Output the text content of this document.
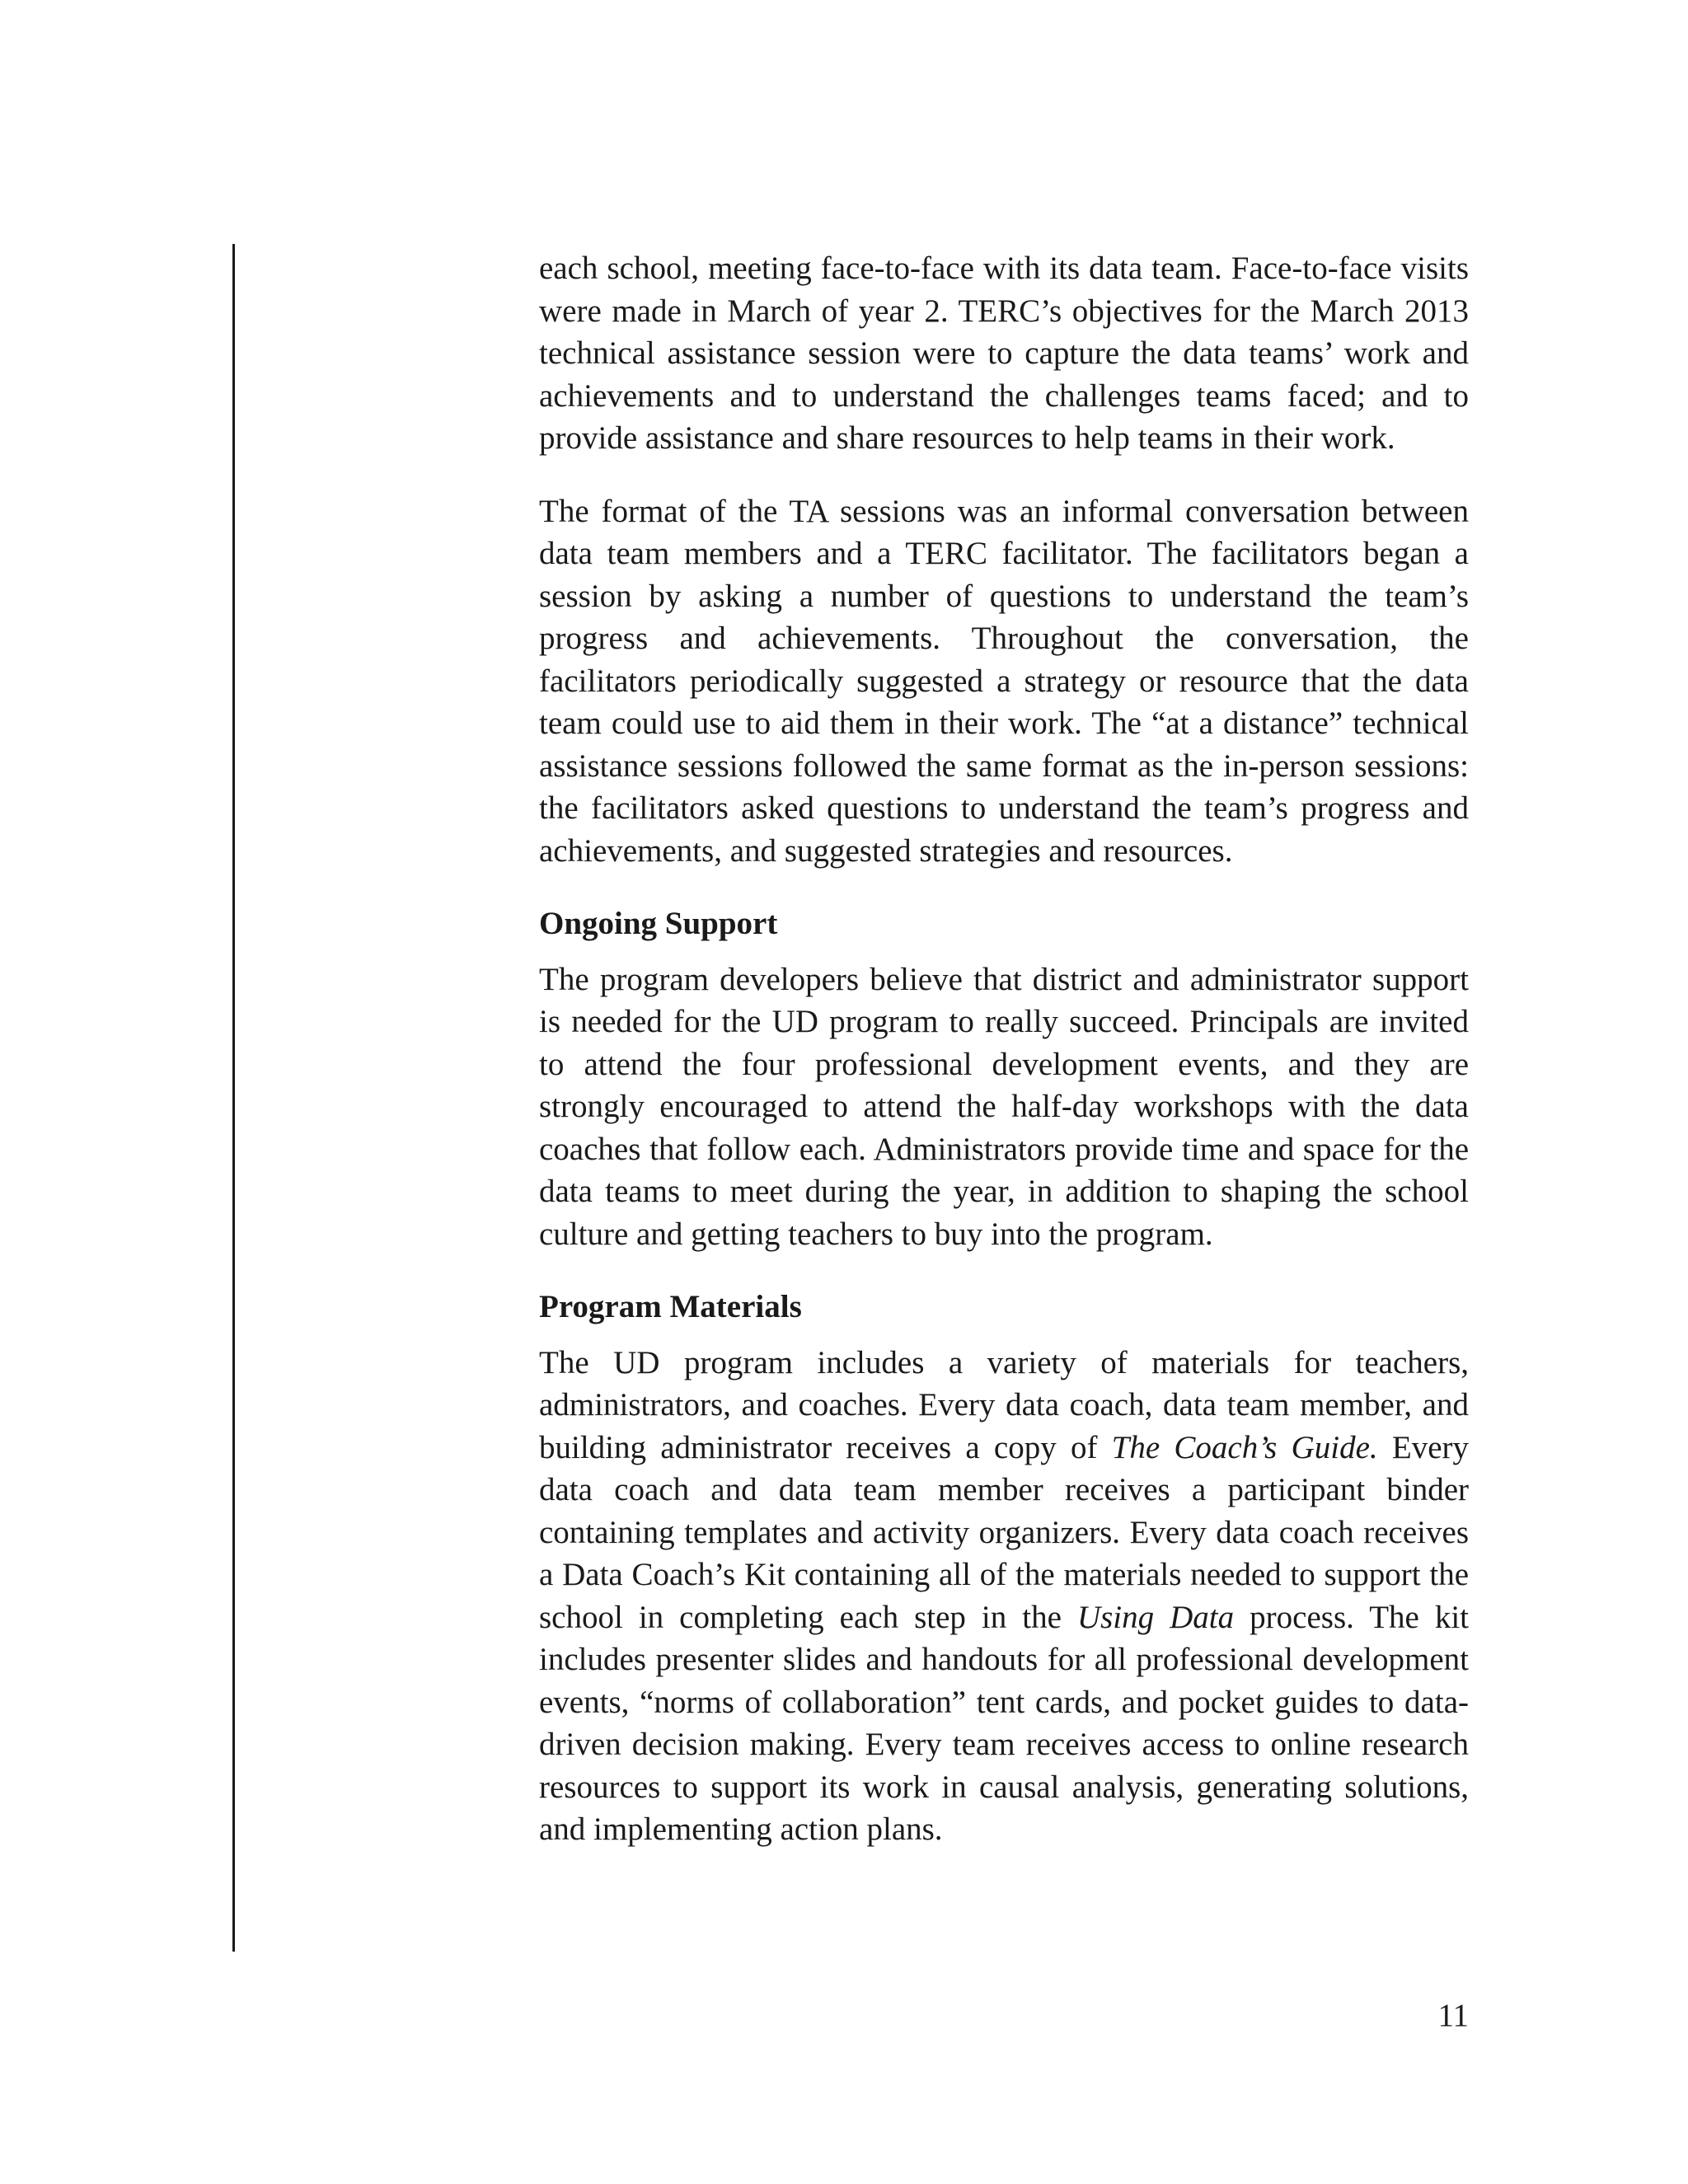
each school, meeting face-to-face with its data team. Face-to-face visits were made in March of year 2. TERC’s objectives for the March 2013 technical assistance session were to capture the data teams’ work and achievements and to understand the challenges teams faced; and to provide assistance and share resources to help teams in their work.

The format of the TA sessions was an informal conversation between data team members and a TERC facilitator. The facilitators began a session by asking a number of questions to understand the team’s progress and achievements. Throughout the conversation, the facilitators periodically suggested a strategy or resource that the data team could use to aid them in their work. The “at a distance” technical assistance sessions followed the same format as the in-person sessions: the facilitators asked questions to understand the team’s progress and achievements, and suggested strategies and resources.

Ongoing Support

The program developers believe that district and administrator support is needed for the UD program to really succeed. Principals are invited to attend the four professional development events, and they are strongly encouraged to attend the half-day workshops with the data coaches that follow each. Administrators provide time and space for the data teams to meet during the year, in addition to shaping the school culture and getting teachers to buy into the program.

Program Materials

The UD program includes a variety of materials for teachers, administrators, and coaches. Every data coach, data team member, and building administrator receives a copy of The Coach’s Guide. Every data coach and data team member receives a participant binder containing templates and activity organizers. Every data coach receives a Data Coach’s Kit containing all of the materials needed to support the school in completing each step in the Using Data process. The kit includes presenter slides and handouts for all professional development events, “norms of collaboration” tent cards, and pocket guides to data-driven decision making. Every team receives access to online research resources to support its work in causal analysis, generating solutions, and implementing action plans.

11
